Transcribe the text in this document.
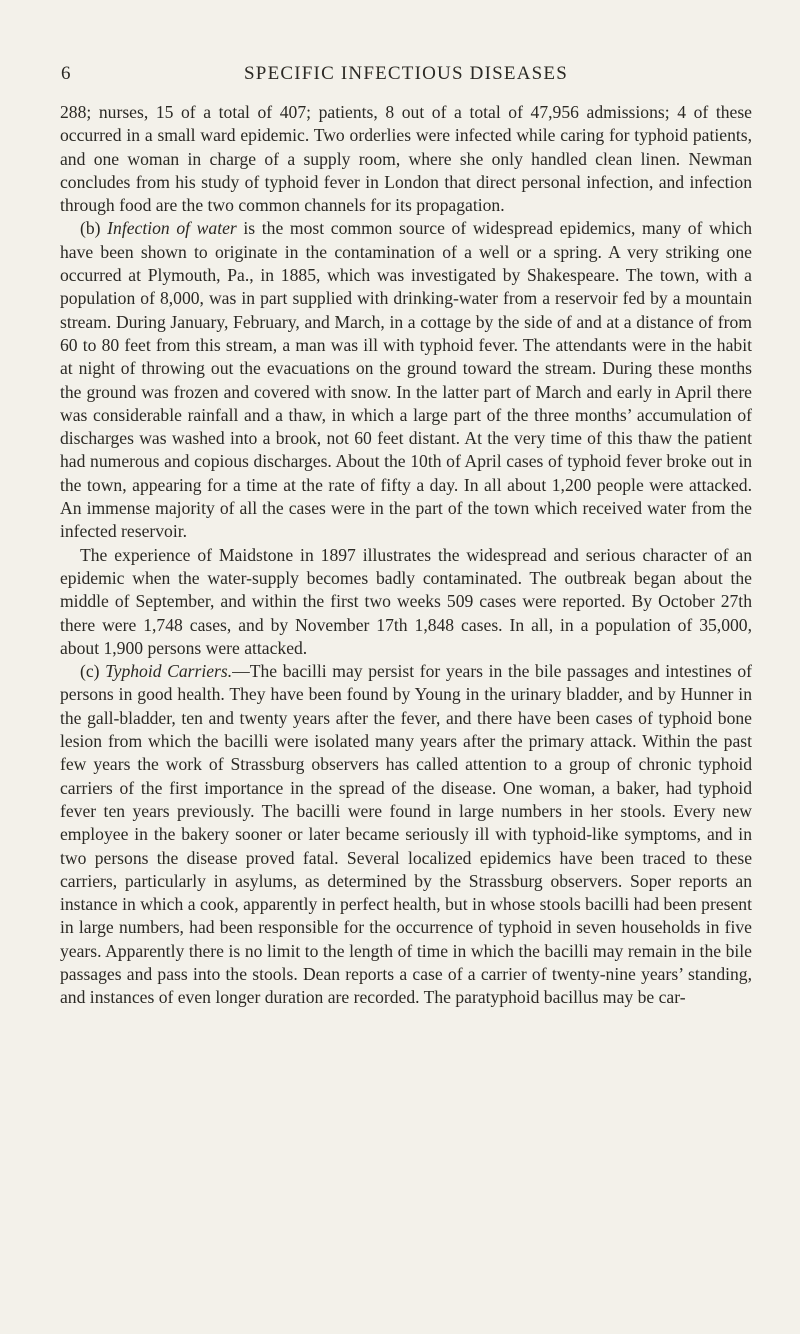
6	SPECIFIC INFECTIOUS DISEASES

288; nurses, 15 of a total of 407; patients, 8 out of a total of 47,956 admissions; 4 of these occurred in a small ward epidemic. Two orderlies were infected while caring for typhoid patients, and one woman in charge of a supply room, where she only handled clean linen. Newman concludes from his study of typhoid fever in London that direct personal infection, and infection through food are the two common channels for its propagation.

(b) Infection of water is the most common source of widespread epidemics, many of which have been shown to originate in the contamination of a well or a spring. A very striking one occurred at Plymouth, Pa., in 1885, which was investigated by Shakespeare. The town, with a population of 8,000, was in part supplied with drinking-water from a reservoir fed by a mountain stream. During January, February, and March, in a cottage by the side of and at a distance of from 60 to 80 feet from this stream, a man was ill with typhoid fever. The attendants were in the habit at night of throwing out the evacuations on the ground toward the stream. During these months the ground was frozen and covered with snow. In the latter part of March and early in April there was considerable rainfall and a thaw, in which a large part of the three months’ accumulation of discharges was washed into a brook, not 60 feet distant. At the very time of this thaw the patient had numerous and copious discharges. About the 10th of April cases of typhoid fever broke out in the town, appearing for a time at the rate of fifty a day. In all about 1,200 people were attacked. An immense majority of all the cases were in the part of the town which received water from the infected reservoir.

The experience of Maidstone in 1897 illustrates the widespread and serious character of an epidemic when the water-supply becomes badly contaminated. The outbreak began about the middle of September, and within the first two weeks 509 cases were reported. By October 27th there were 1,748 cases, and by November 17th 1,848 cases. In all, in a population of 35,000, about 1,900 persons were attacked.

(c) Typhoid Carriers.—The bacilli may persist for years in the bile passages and intestines of persons in good health. They have been found by Young in the urinary bladder, and by Hunner in the gall-bladder, ten and twenty years after the fever, and there have been cases of typhoid bone lesion from which the bacilli were isolated many years after the primary attack. Within the past few years the work of Strassburg observers has called attention to a group of chronic typhoid carriers of the first importance in the spread of the disease. One woman, a baker, had typhoid fever ten years previously. The bacilli were found in large numbers in her stools. Every new employee in the bakery sooner or later became seriously ill with typhoid-like symptoms, and in two persons the disease proved fatal. Several localized epidemics have been traced to these carriers, particularly in asylums, as determined by the Strassburg observers. Soper reports an instance in which a cook, apparently in perfect health, but in whose stools bacilli had been present in large numbers, had been responsible for the occurrence of typhoid in seven households in five years. Apparently there is no limit to the length of time in which the bacilli may remain in the bile passages and pass into the stools. Dean reports a case of a carrier of twenty-nine years’ standing, and instances of even longer duration are recorded. The paratyphoid bacillus may be car-
